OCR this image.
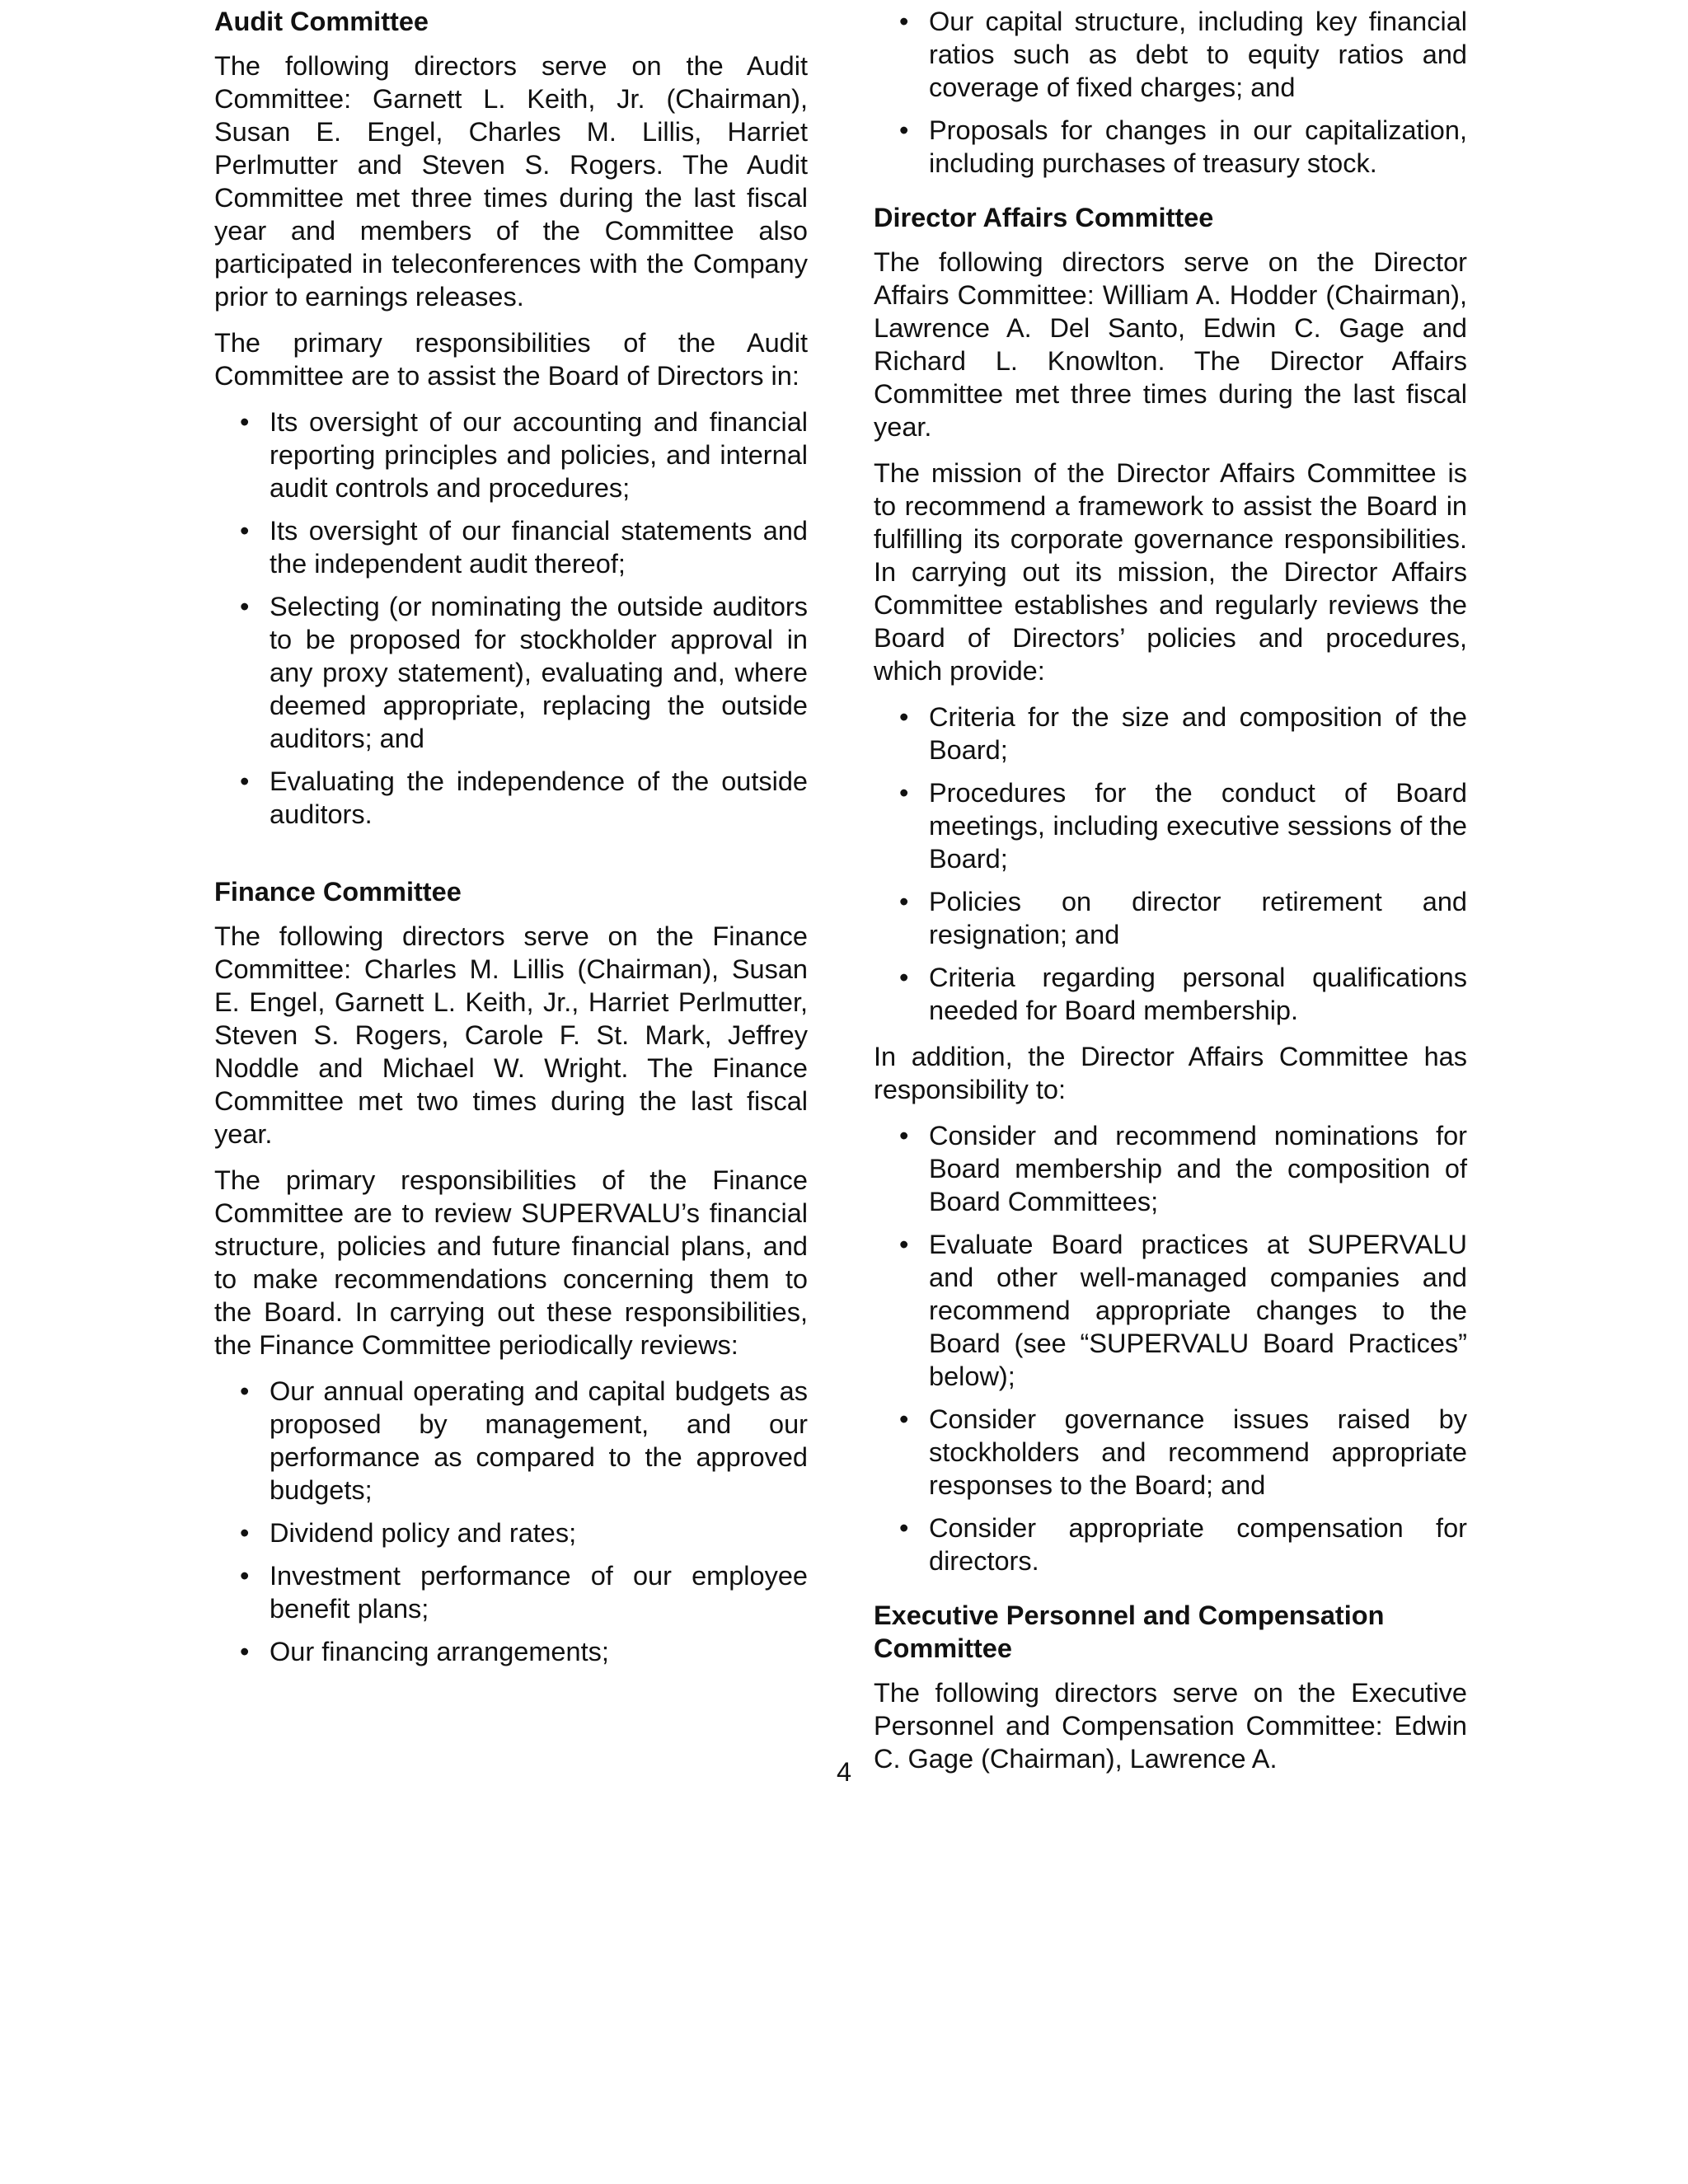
Audit Committee

The following directors serve on the Audit Committee: Garnett L. Keith, Jr. (Chairman), Susan E. Engel, Charles M. Lillis, Harriet Perlmutter and Steven S. Rogers. The Audit Committee met three times during the last fiscal year and members of the Committee also participated in teleconferences with the Company prior to earnings releases.

The primary responsibilities of the Audit Committee are to assist the Board of Directors in:

• Its oversight of our accounting and financial reporting principles and policies, and internal audit controls and procedures;
• Its oversight of our financial statements and the independent audit thereof;
• Selecting (or nominating the outside auditors to be proposed for stockholder approval in any proxy statement), evaluating and, where deemed appropriate, replacing the outside auditors; and
• Evaluating the independence of the outside auditors.
Finance Committee

The following directors serve on the Finance Committee: Charles M. Lillis (Chairman), Susan E. Engel, Garnett L. Keith, Jr., Harriet Perlmutter, Steven S. Rogers, Carole F. St. Mark, Jeffrey Noddle and Michael W. Wright. The Finance Committee met two times during the last fiscal year.

The primary responsibilities of the Finance Committee are to review SUPERVALU’s financial structure, policies and future financial plans, and to make recommendations concerning them to the Board. In carrying out these responsibilities, the Finance Committee periodically reviews:

• Our annual operating and capital budgets as proposed by management, and our performance as compared to the approved budgets;
• Dividend policy and rates;
• Investment performance of our employee benefit plans;
• Our financing arrangements;
• Our capital structure, including key financial ratios such as debt to equity ratios and coverage of fixed charges; and
• Proposals for changes in our capitalization, including purchases of treasury stock.
Director Affairs Committee

The following directors serve on the Director Affairs Committee: William A. Hodder (Chairman), Lawrence A. Del Santo, Edwin C. Gage and Richard L. Knowlton. The Director Affairs Committee met three times during the last fiscal year.

The mission of the Director Affairs Committee is to recommend a framework to assist the Board in fulfilling its corporate governance responsibilities. In carrying out its mission, the Director Affairs Committee establishes and regularly reviews the Board of Directors’ policies and procedures, which provide:

• Criteria for the size and composition of the Board;
• Procedures for the conduct of Board meetings, including executive sessions of the Board;
• Policies on director retirement and resignation; and
• Criteria regarding personal qualifications needed for Board membership.

In addition, the Director Affairs Committee has responsibility to:

• Consider and recommend nominations for Board membership and the composition of Board Committees;
• Evaluate Board practices at SUPERVALU and other well-managed companies and recommend appropriate changes to the Board (see “SUPERVALU Board Practices” below);
• Consider governance issues raised by stockholders and recommend appropriate responses to the Board; and
• Consider appropriate compensation for directors.
Executive Personnel and Compensation Committee

The following directors serve on the Executive Personnel and Compensation Committee: Edwin C. Gage (Chairman), Lawrence A.

4
